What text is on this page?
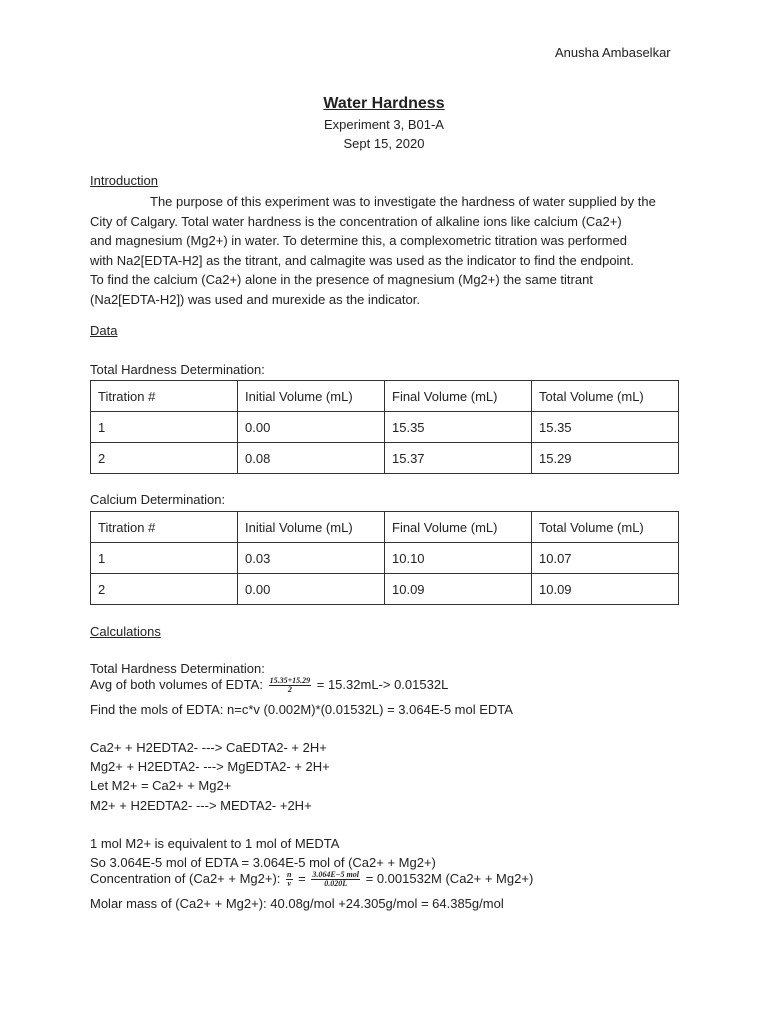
Anusha Ambaselkar
Water Hardness
Experiment 3, B01-A
Sept 15, 2020
Introduction
The purpose of this experiment was to investigate the hardness of water supplied by the
City of Calgary. Total water hardness is the concentration of alkaline ions like calcium (Ca2+)
and magnesium (Mg2+) in water. To determine this, a complexometric titration was performed
with Na2[EDTA-H2] as the titrant, and calmagite was used as the indicator to find the endpoint.
To find the calcium (Ca2+) alone in the presence of magnesium (Mg2+) the same titrant
(Na2[EDTA-H2]) was used and murexide as the indicator.
Data
Total Hardness Determination:
Titration #	Initial Volume (mL)	Final Volume (mL)	Total Volume (mL)
1	0.00	15.35	15.35
2	0.08	15.37	15.29
Calcium Determination:
Titration #	Initial Volume (mL)	Final Volume (mL)	Total Volume (mL)
1	0.03	10.10	10.07
2	0.00	10.09	10.09
Calculations
Total Hardness Determination:
Avg of both volumes of EDTA: $\frac{15.35+15.29}{2} = 15.32mL-> 0.01532L$
Find the mols of EDTA: n=c*v (0.002M)*(0.01532L) = 3.064E-5 mol EDTA
Ca2+ + H2EDTA2- ---> CaEDTA2- + 2H+
Mg2+ + H2EDTA2- ---> MgEDTA2- + 2H+
Let M2+ = Ca2+ + Mg2+
M2+ + H2EDTA2- ---> MEDTA2- +2H+
1 mol M2+ is equivalent to 1 mol of MEDTA
So 3.064E-5 mol of EDTA = 3.064E-5 mol of (Ca2+ + Mg2+)
Concentration of (Ca2+ + Mg2+): $\frac{n}{v} = \frac{\text{3.064E−5 mol}}{0.020L} = 0.001532M$ (Ca2+ + Mg2+)
Molar mass of (Ca2+ + Mg2+): 40.08g/mol +24.305g/mol = 64.385g/mol
